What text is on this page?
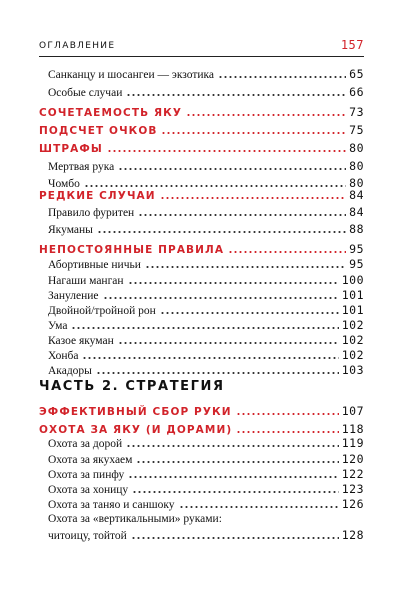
ОГЛАВЛЕНИЕ	157
Санканцу и шосангеи — экзотика	65
Особые случаи	66
СОЧЕТАЕМОСТЬ ЯКУ	73
ПОДСЧЕТ ОЧКОВ	75
ШТРАФЫ	80
Мертвая рука	80
Чомбо	80
РЕДКИЕ СЛУЧАИ	84
Правило фуритен	84
Якуманы	88
НЕПОСТОЯННЫЕ ПРАВИЛА	95
Абортивные ничьи	95
Нагаши манган	100
Зануление	101
Двойной/тройной рон	101
Ума	102
Казое якуман	102
Хонба	102
Акадоры	103
ЧАСТЬ 2. СТРАТЕГИЯ
ЭФФЕКТИВНЫЙ СБОР РУКИ	107
ОХОТА ЗА ЯКУ (И ДОРАМИ)	118
Охота за дорой	119
Охота за якухаем	120
Охота за пинфу	122
Охота за хоницу	123
Охота за таняо и саншоку	126
Охота за «вертикальными» руками:
читоицу, тойтой	128
